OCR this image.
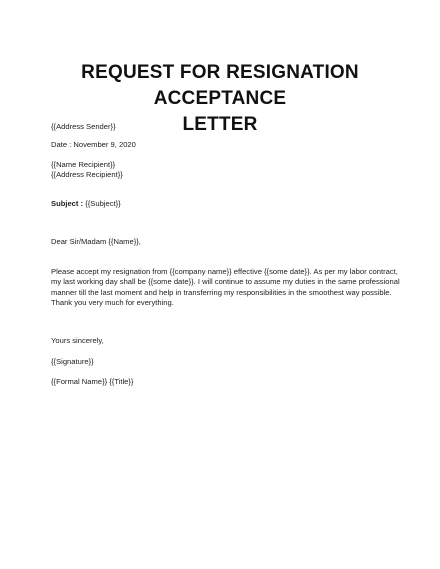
REQUEST FOR RESIGNATION ACCEPTANCE
LETTER
{{Address Sender}}
Date : November 9, 2020
{{Name Recipient}}
{{Address Recipient}}
Subject : {{Subject}}
Dear Sir/Madam {{Name}},

Please accept my resignation from {{company name}} effective {{some date}}. As per my labor contract,

my last working day shall be {{some date}}. I will continue to assume my duties in the same professional

manner till the last moment and help in transferring my responsibilities in the smoothest way possible.

Thank you very much for everything.

Yours sincerely,
{{Signature}}
{{Formal Name}} {{Title}}
